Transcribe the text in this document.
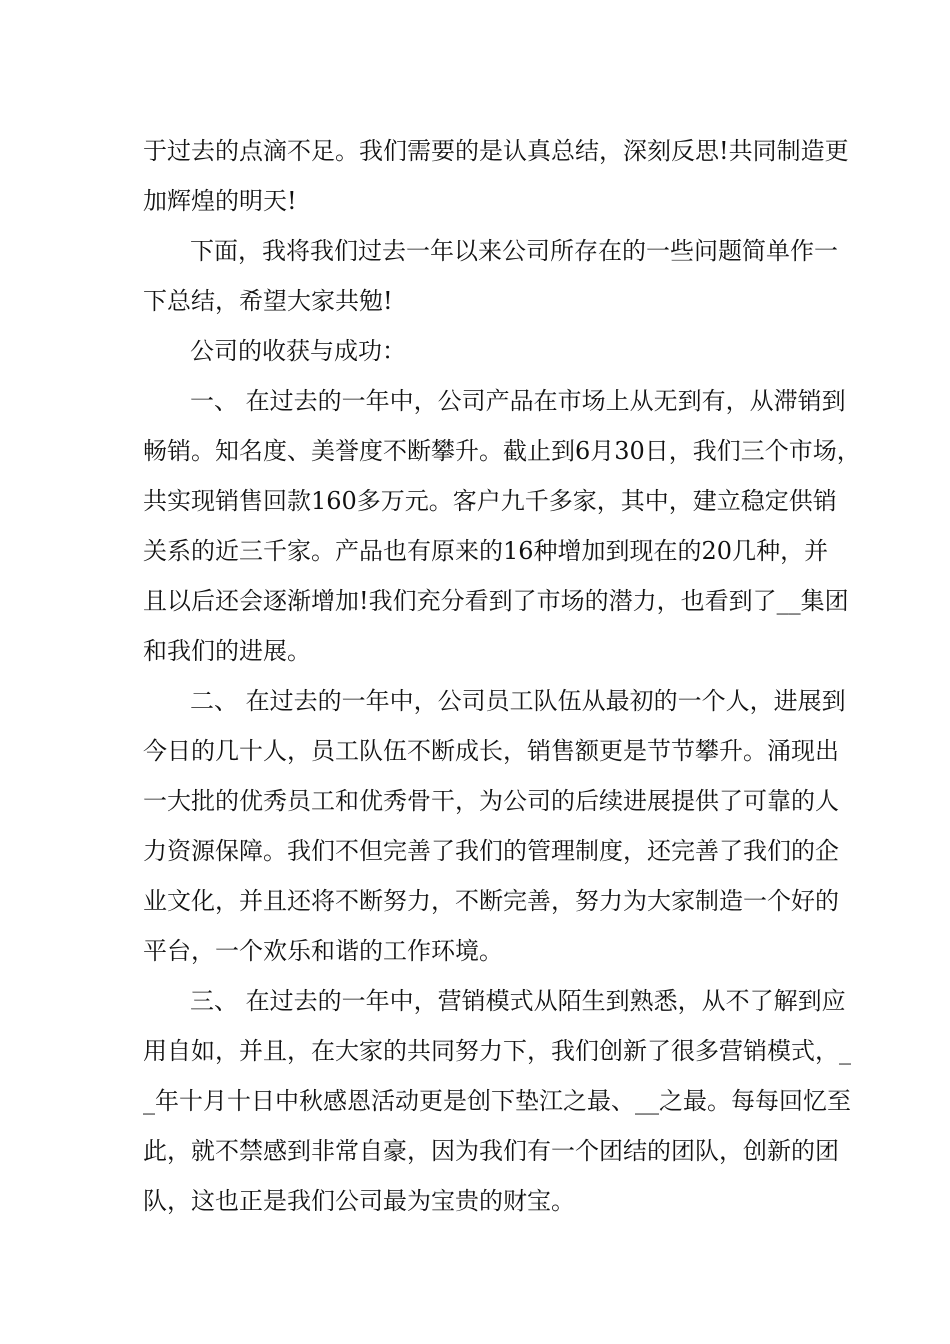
于过去的点滴不足。我们需要的是认真总结，深刻反思!共同制造更
加辉煌的明天!
下面，我将我们过去一年以来公司所存在的一些问题简单作一
下总结，希望大家共勉!
公司的收获与成功：
一、 在过去的一年中，公司产品在市场上从无到有，从滞销到
畅销。知名度、美誉度不断攀升。截止到6月30日，我们三个市场，
共实现销售回款160多万元。客户九千多家，其中，建立稳定供销
关系的近三千家。产品也有原来的16种增加到现在的20几种，并
且以后还会逐渐增加!我们充分看到了市场的潜力，也看到了__集团
和我们的进展。
二、 在过去的一年中，公司员工队伍从最初的一个人，进展到
今日的几十人，员工队伍不断成长，销售额更是节节攀升。涌现出
一大批的优秀员工和优秀骨干，为公司的后续进展提供了可靠的人
力资源保障。我们不但完善了我们的管理制度，还完善了我们的企
业文化，并且还将不断努力，不断完善，努力为大家制造一个好的
平台，一个欢乐和谐的工作环境。
三、 在过去的一年中，营销模式从陌生到熟悉，从不了解到应
用自如，并且，在大家的共同努力下，我们创新了很多营销模式，_
_年十月十日中秋感恩活动更是创下垫江之最、__之最。每每回忆至
此，就不禁感到非常自豪，因为我们有一个团结的团队，创新的团
队，这也正是我们公司最为宝贵的财宝。
